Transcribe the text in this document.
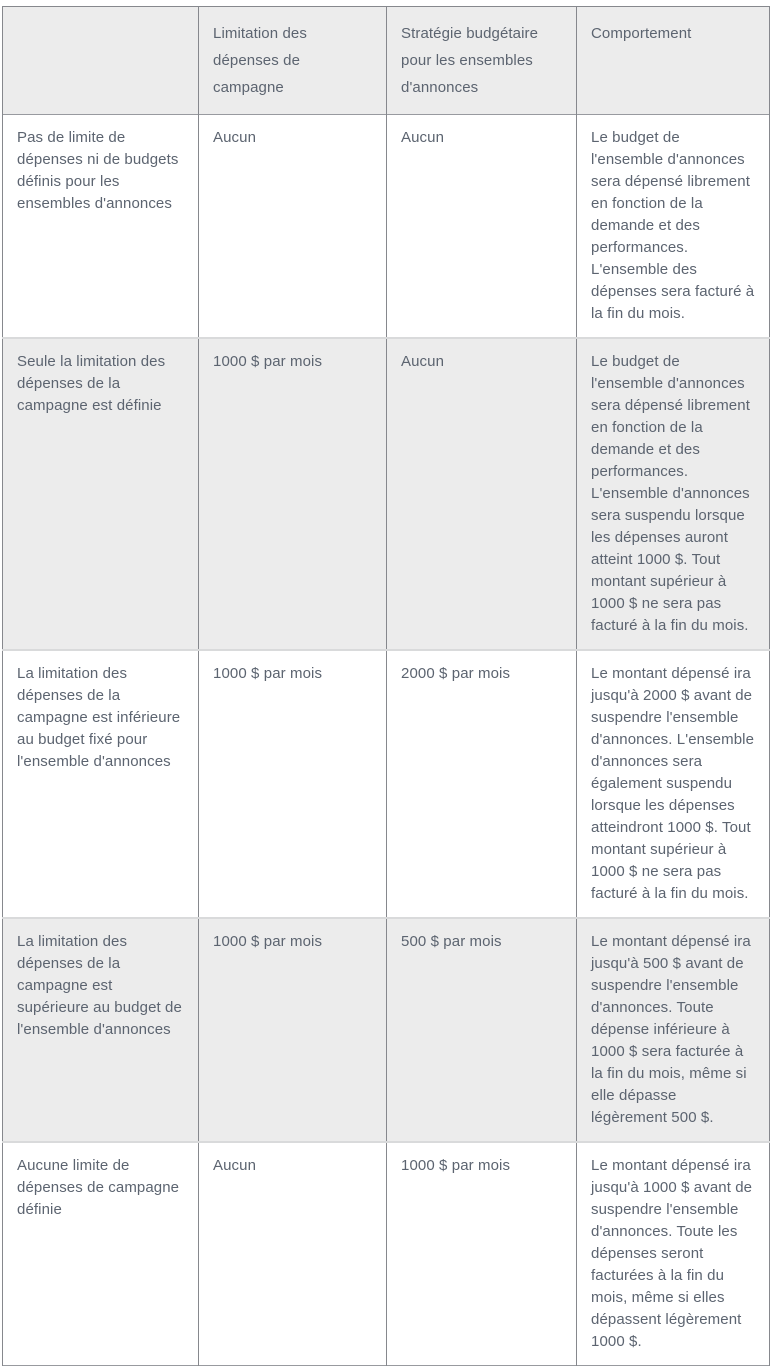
	Limitation des dépenses de campagne	Stratégie budgétaire pour les ensembles d'annonces	Comportement
Pas de limite de dépenses ni de budgets définis pour les ensembles d'annonces	Aucun	Aucun	Le budget de l'ensemble d'annonces sera dépensé librement en fonction de la demande et des performances. L'ensemble des dépenses sera facturé à la fin du mois.
Seule la limitation des dépenses de la campagne est définie	1000 $ par mois	Aucun	Le budget de l'ensemble d'annonces sera dépensé librement en fonction de la demande et des performances. L'ensemble d'annonces sera suspendu lorsque les dépenses auront atteint 1000 $. Tout montant supérieur à 1000 $ ne sera pas facturé à la fin du mois.
La limitation des dépenses de la campagne est inférieure au budget fixé pour l'ensemble d'annonces	1000 $ par mois	2000 $ par mois	Le montant dépensé ira jusqu'à 2000 $ avant de suspendre l'ensemble d'annonces. L'ensemble d'annonces sera également suspendu lorsque les dépenses atteindront 1000 $. Tout montant supérieur à 1000 $ ne sera pas facturé à la fin du mois.
La limitation des dépenses de la campagne est supérieure au budget de l'ensemble d'annonces	1000 $ par mois	500 $ par mois	Le montant dépensé ira jusqu'à 500 $ avant de suspendre l'ensemble d'annonces. Toute dépense inférieure à 1000 $ sera facturée à la fin du mois, même si elle dépasse légèrement 500 $.
Aucune limite de dépenses de campagne définie	Aucun	1000 $ par mois	Le montant dépensé ira jusqu'à 1000 $ avant de suspendre l'ensemble d'annonces. Toute les dépenses seront facturées à la fin du mois, même si elles dépassent légèrement 1000 $.
